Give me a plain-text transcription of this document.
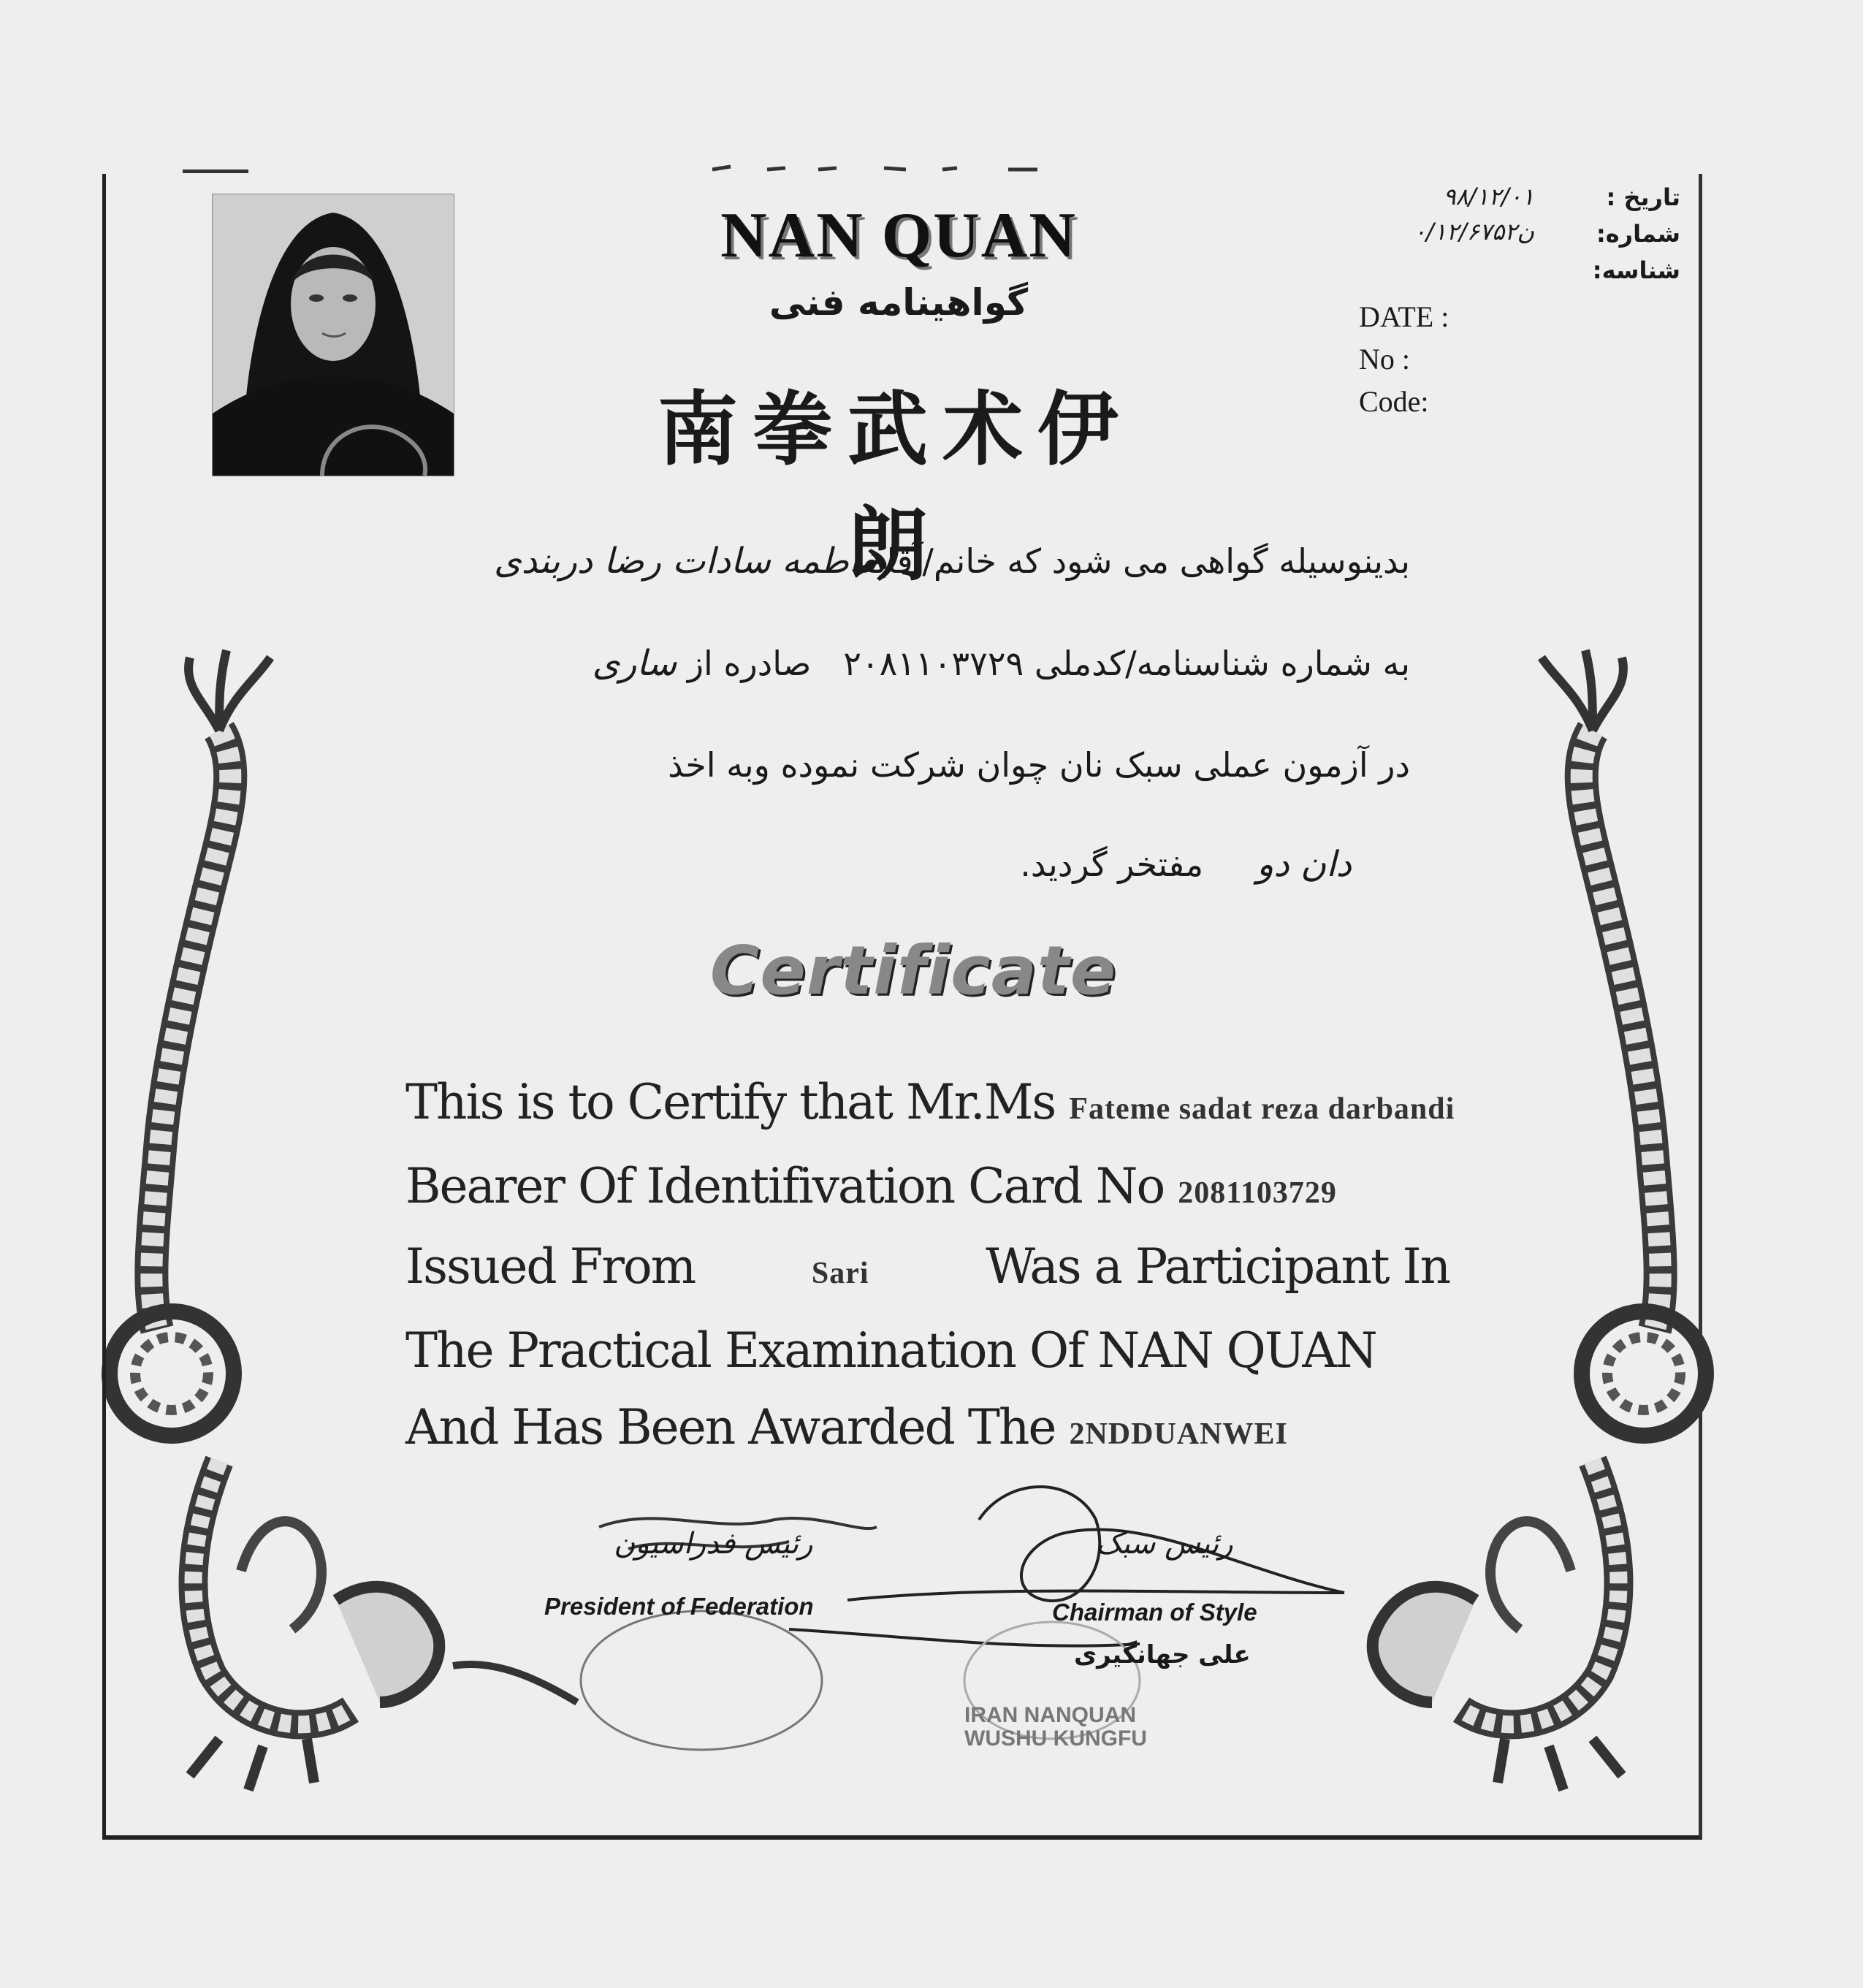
NAN QUAN
گواهینامه فنی
南拳武术伊朗
تاریخ :
شماره:
شناسه:
۹۸/۱۲/۰۱
۰/۱۲/۶۷۵۲ن
DATE :
No :
Code:
بدینوسیله گواهی می شود که خانم/آقایفاطمه سادات رضا دربندی
به شماره شناسنامه/کدملی ۲۰۸۱۱۰۳۷۲۹   صادره از ساری
در آزمون عملی سبک نان چوان شرکت نموده وبه اخذ
دان دو     مفتخر گردید.
Certificate
This is to Certify that Mr.Ms Fateme sadat reza darbandi
Bearer Of Identifivation Card No 2081103729
Issued From	Sari Was a Participant In
The Practical Examination Of NAN QUAN
And Has Been Awarded The 2NDDUANWEI
رئیس فدراسیون
President of Federation
رئیس سبک
Chairman of Style
علی جهانگیری
IRAN NANQUAN
WUSHU KUNGFU
